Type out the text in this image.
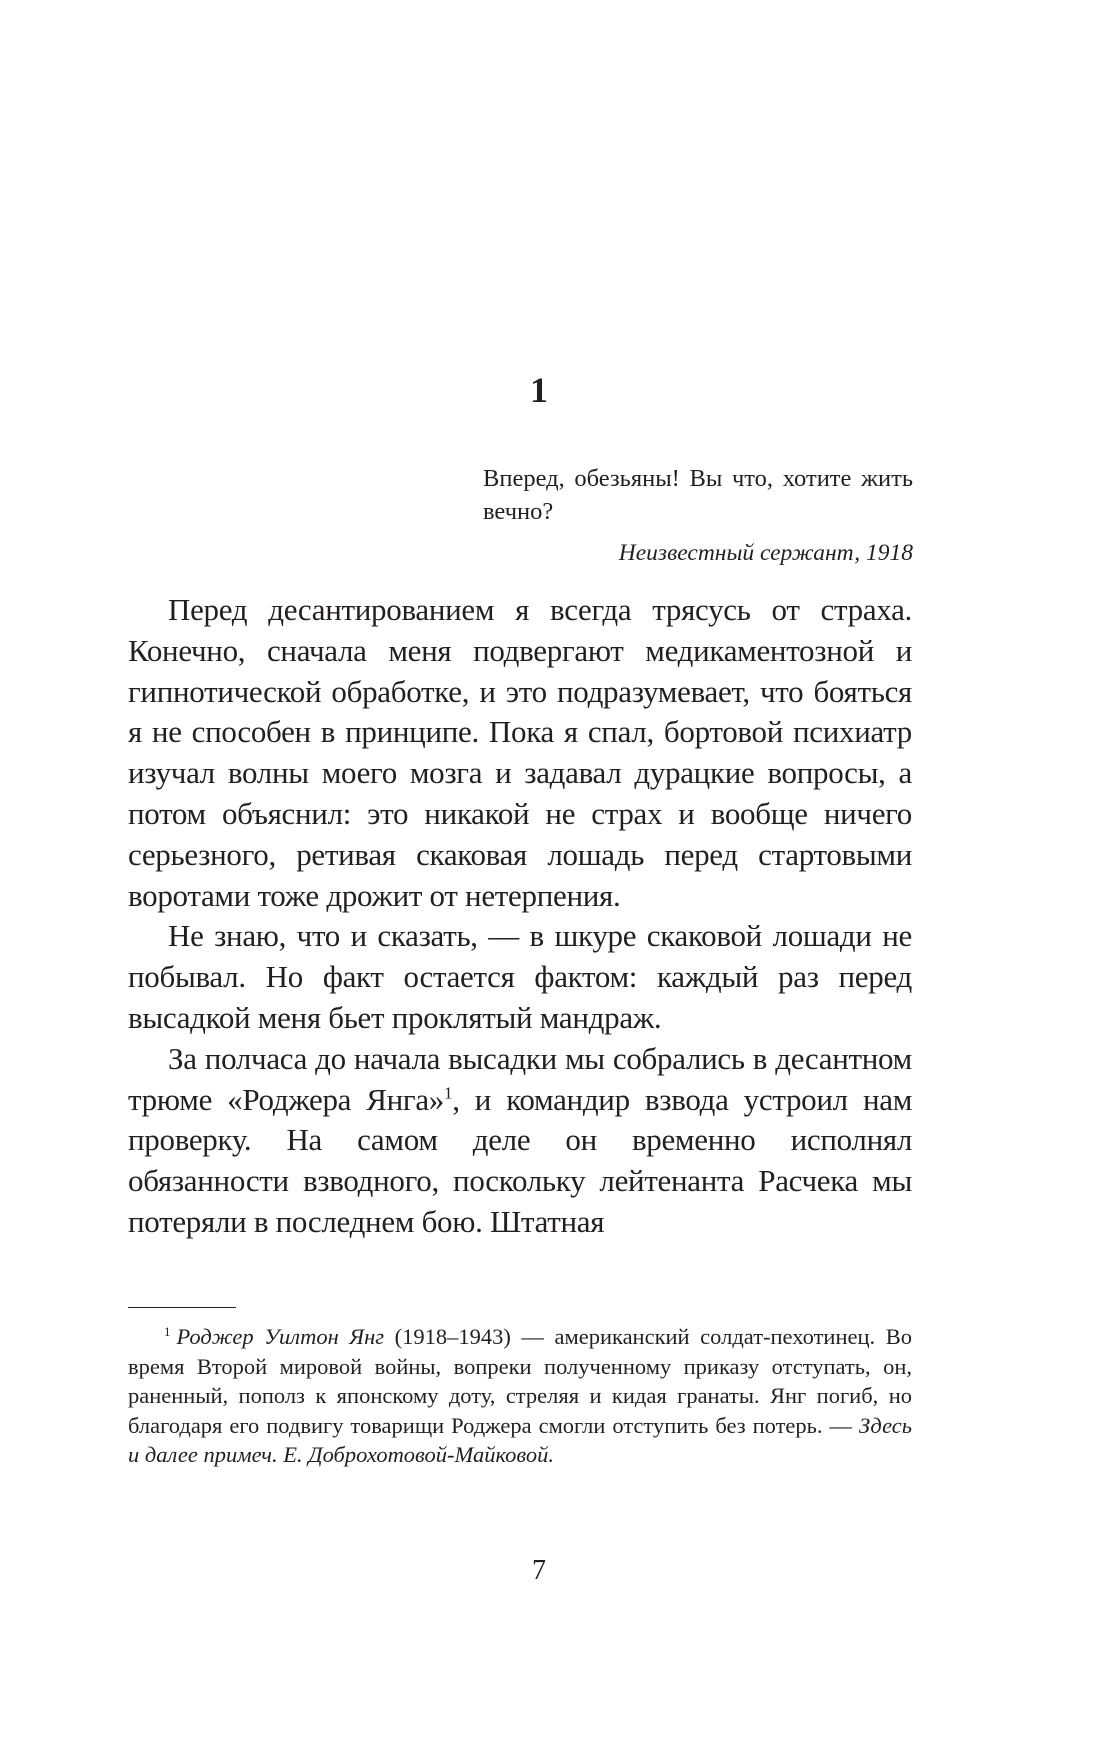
1

Вперед, обезьяны! Вы что, хотите жить вечно?

Неизвестный сержант, 1918

Перед десантированием я всегда трясусь от страха. Конечно, сначала меня подвергают медикаментозной и гипнотической обработке, и это подразумевает, что бояться я не способен в принципе. Пока я спал, бортовой психиатр изучал волны моего мозга и задавал дурацкие вопросы, а потом объяснил: это никакой не страх и вообще ничего серьезного, ретивая скаковая лошадь перед стартовыми воротами тоже дрожит от нетерпения.

Не знаю, что и сказать, — в шкуре скаковой лошади не побывал. Но факт остается фактом: каждый раз перед высадкой меня бьет проклятый мандраж.

За полчаса до начала высадки мы собрались в десантном трюме «Роджера Янга»$^1$, и командир взвода устроил нам проверку. На самом деле он временно исполнял обязанности взводного, поскольку лейтенанта Расчека мы потеряли в последнем бою. Штатная

$^1$ Роджер Уилтон Янг (1918–1943) — американский солдат-пехотинец. Во время Второй мировой войны, вопреки полученному приказу отступать, он, раненный, пополз к японскому доту, стреляя и кидая гранаты. Янг погиб, но благодаря его подвигу товарищи Роджера смогли отступить без потерь. — Здесь и далее примеч. Е. Доброхотовой-Майковой.

7
